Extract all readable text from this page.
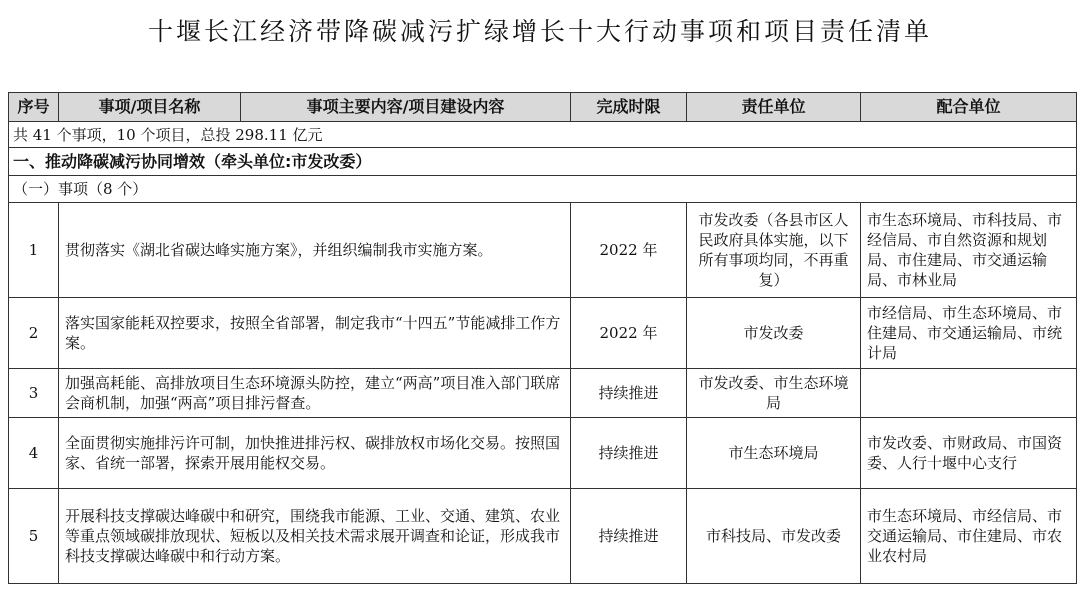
十堰长江经济带降碳减污扩绿增长十大行动事项和项目责任清单
序号	事项/项目名称	事项主要内容/项目建设内容	完成时限	责任单位	配合单位
共 41 个事项，10 个项目，总投 298.11 亿元					
一、推动降碳减污协同增效（牵头单位:市发改委）					
（一）事项（8 个）					
1	贯彻落实《湖北省碳达峰实施方案》，并组织编制我市实施方案。		2022 年	市发改委（各县市区人民政府具体实施，以下所有事项均同，不再重复）	市生态环境局、市科技局、市经信局、市自然资源和规划局、市住建局、市交通运输局、市林业局
2	落实国家能耗双控要求，按照全省部署，制定我市“十四五”节能减排工作方案。		2022 年	市发改委	市经信局、市生态环境局、市住建局、市交通运输局、市统计局
3	加强高耗能、高排放项目生态环境源头防控，建立“两高”项目准入部门联席会商机制，加强“两高”项目排污督查。		持续推进	市发改委、市生态环境局	
4	全面贯彻实施排污许可制，加快推进排污权、碳排放权市场化交易。按照国家、省统一部署，探索开展用能权交易。		持续推进	市生态环境局	市发改委、市财政局、市国资委、人行十堰中心支行
5	开展科技支撑碳达峰碳中和研究，围绕我市能源、工业、交通、建筑、农业等重点领域碳排放现状、短板以及相关技术需求展开调查和论证，形成我市科技支撑碳达峰碳中和行动方案。		持续推进	市科技局、市发改委	市生态环境局、市经信局、市交通运输局、市住建局、市农业农村局
